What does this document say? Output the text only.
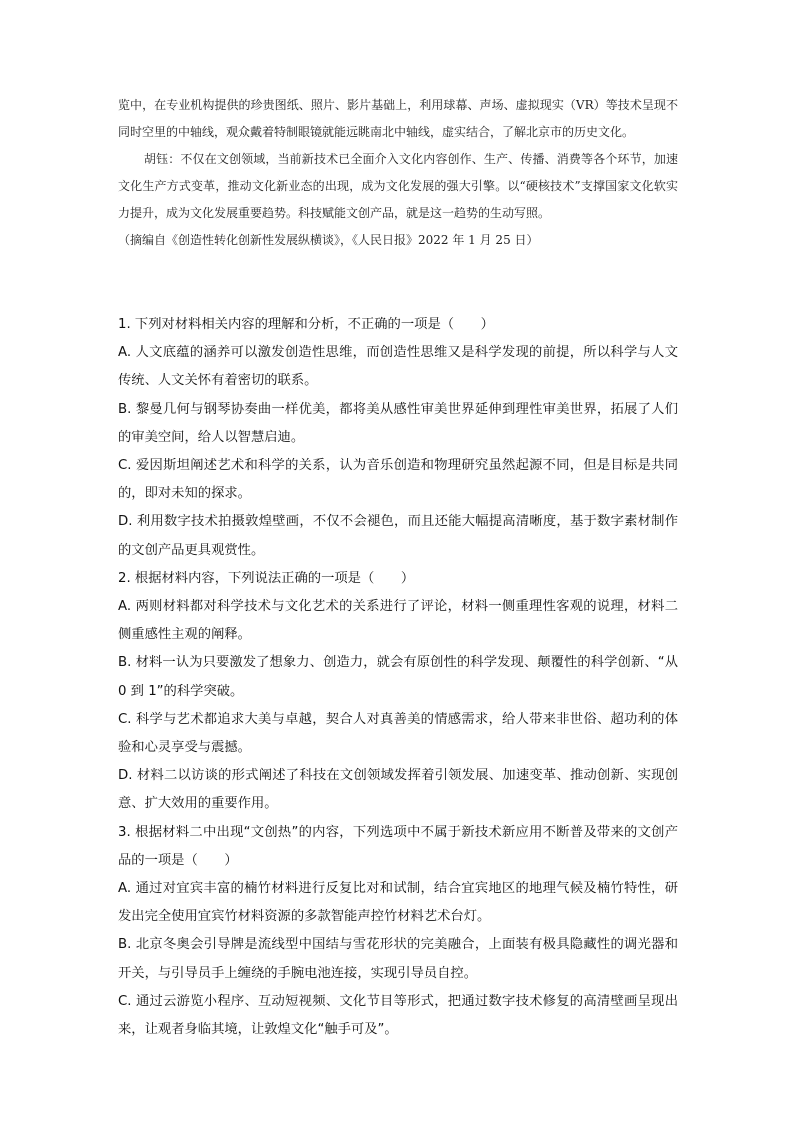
览中，在专业机构提供的珍贵图纸、照片、影片基础上，利用球幕、声场、虚拟现实（VR）等技术呈现不同时空里的中轴线，观众戴着特制眼镜就能远眺南北中轴线，虚实结合，了解北京市的历史文化。

胡钰：不仅在文创领域，当前新技术已全面介入文化内容创作、生产、传播、消费等各个环节，加速文化生产方式变革，推动文化新业态的出现，成为文化发展的强大引擎。以“硬核技术”支撑国家文化软实力提升，成为文化发展重要趋势。科技赋能文创产品，就是这一趋势的生动写照。

（摘编自《创造性转化创新性发展纵横谈》，《人民日报》2022 年 1 月 25 日）

1. 下列对材料相关内容的理解和分析，不正确的一项是（　　）

A. 人文底蕴的涵养可以激发创造性思维，而创造性思维又是科学发现的前提，所以科学与人文传统、人文关怀有着密切的联系。

B. 黎曼几何与钢琴协奏曲一样优美，都将美从感性审美世界延伸到理性审美世界，拓展了人们的审美空间，给人以智慧启迪。

C. 爱因斯坦阐述艺术和科学的关系，认为音乐创造和物理研究虽然起源不同，但是目标是共同的，即对未知的探求。

D. 利用数字技术拍摄敦煌壁画，不仅不会褪色，而且还能大幅提高清晰度，基于数字素材制作的文创产品更具观赏性。

2. 根据材料内容，下列说法正确的一项是（　　）

A. 两则材料都对科学技术与文化艺术的关系进行了评论，材料一侧重理性客观的说理，材料二侧重感性主观的阐释。

B. 材料一认为只要激发了想象力、创造力，就会有原创性的科学发现、颠覆性的科学创新、“从 0 到 1”的科学突破。

C. 科学与艺术都追求大美与卓越，契合人对真善美的情感需求，给人带来非世俗、超功利的体验和心灵享受与震撼。

D. 材料二以访谈的形式阐述了科技在文创领域发挥着引领发展、加速变革、推动创新、实现创意、扩大效用的重要作用。

3. 根据材料二中出现“文创热”的内容，下列选项中不属于新技术新应用不断普及带来的文创产品的一项是（　　）

A. 通过对宜宾丰富的楠竹材料进行反复比对和试制，结合宜宾地区的地理气候及楠竹特性，研发出完全使用宜宾竹材料资源的多款智能声控竹材料艺术台灯。

B. 北京冬奥会引导牌是流线型中国结与雪花形状的完美融合，上面装有极具隐藏性的调光器和开关，与引导员手上缠绕的手腕电池连接，实现引导员自控。

C. 通过云游览小程序、互动短视频、文化节目等形式，把通过数字技术修复的高清壁画呈现出来，让观者身临其境，让敦煌文化“触手可及”。
